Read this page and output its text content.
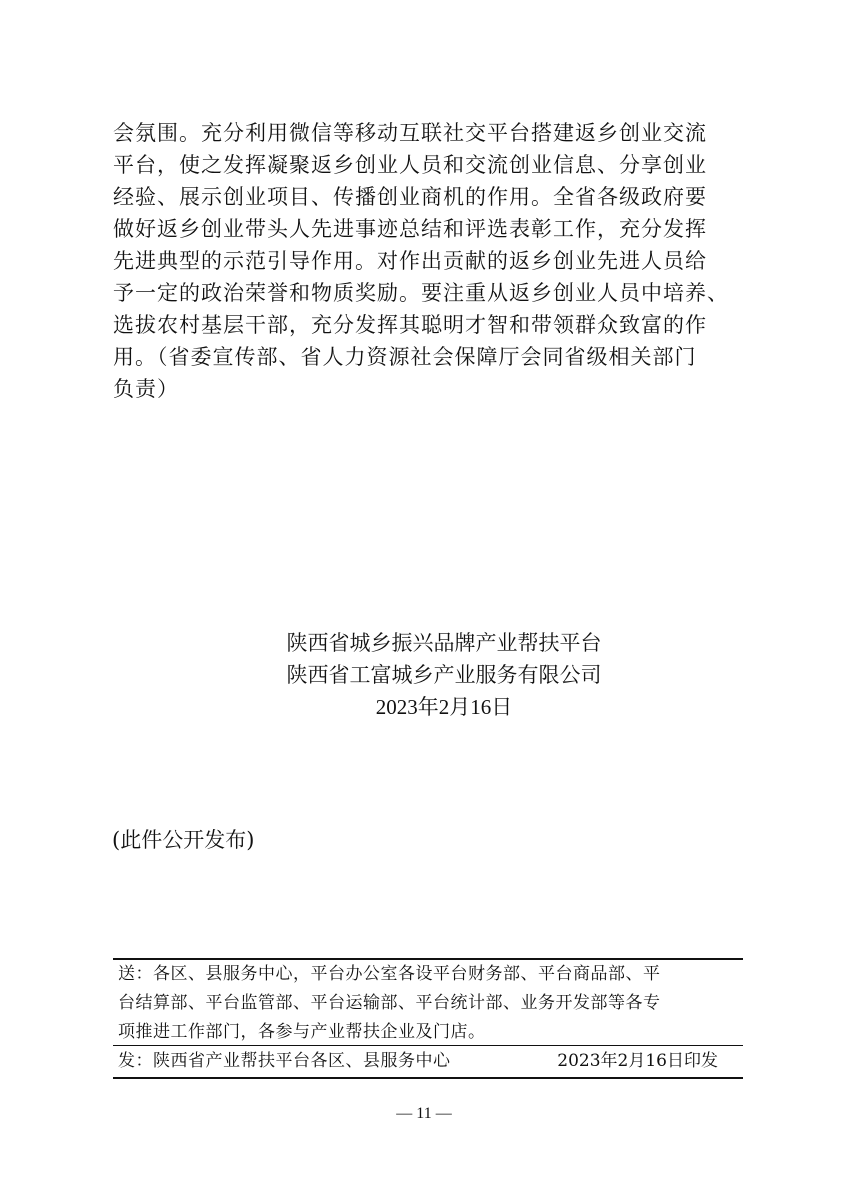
会氛围。充分利用微信等移动互联社交平台搭建返乡创业交流
平台，使之发挥凝聚返乡创业人员和交流创业信息、分享创业
经验、展示创业项目、传播创业商机的作用。全省各级政府要
做好返乡创业带头人先进事迹总结和评选表彰工作，充分发挥
先进典型的示范引导作用。对作出贡献的返乡创业先进人员给
予一定的政治荣誉和物质奖励。要注重从返乡创业人员中培养、
选拔农村基层干部，充分发挥其聪明才智和带领群众致富的作
用。（省委宣传部、省人力资源社会保障厅会同省级相关部门
负责）
陕西省城乡振兴品牌产业帮扶平台
陕西省工富城乡产业服务有限公司
2023年2月16日
(此件公开发布)
送：各区、县服务中心，平台办公室各设平台财务部、平台商品部、平
台结算部、平台监管部、平台运输部、平台统计部、业务开发部等各专
项推进工作部门，各参与产业帮扶企业及门店。
发：陕西省产业帮扶平台各区、县服务中心	2023年2月16日印发
— 11 —
